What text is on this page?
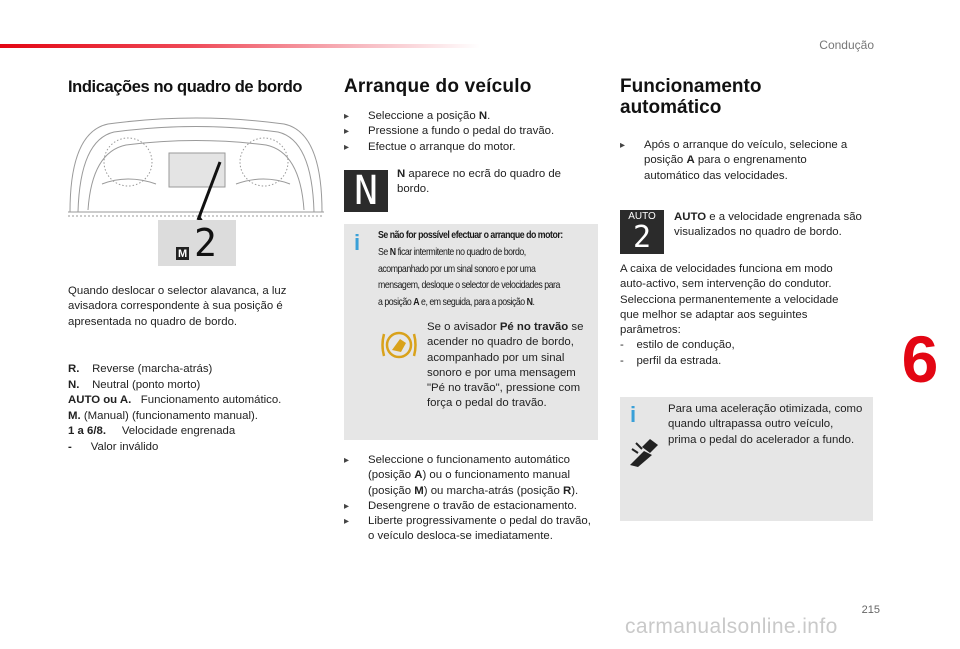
Condução
Indicações no quadro de bordo
M 2
Quando deslocar o selector alavanca, a luz avisadora correspondente à sua posição é apresentada no quadro de bordo.
R. Reverse (marcha-atrás)
N. Neutral (ponto morto)
AUTO ou A. Funcionamento automático.
M. (Manual) (funcionamento manual).
1 a 6/8. Velocidade engrenada
- Valor inválido
Arranque do veículo
▸ Seleccione a posição N.
▸ Pressione a fundo o pedal do travão.
▸ Efectue o arranque do motor.
N	N aparece no ecrã do quadro de bordo.
i Se não for possível efectuar o arranque do motor:
Se N ficar intermitente no quadro de bordo,
acompanhado por um sinal sonoro e por uma
mensagem, desloque o selector de velocidades para
a posição A e, em seguida, para a posição N.
Se o avisador Pé no travão se acender no quadro de bordo, acompanhado por um sinal sonoro e por uma mensagem "Pé no travão", pressione com força o pedal do travão.
▸ Seleccione o funcionamento automático (posição A) ou o funcionamento manual (posição M) ou marcha-atrás (posição R).
▸ Desengrene o travão de estacionamento.
▸ Liberte progressivamente o pedal do travão, o veículo desloca-se imediatamente.
Funcionamento automático
▸ Após o arranque do veículo, selecione a posição A para o engrenamento automático das velocidades.
AUTO
2
AUTO e a velocidade engrenada são visualizados no quadro de bordo.
A caixa de velocidades funciona em modo auto-activo, sem intervenção do condutor. Selecciona permanentemente a velocidade que melhor se adaptar aos seguintes parâmetros:
-    estilo de condução,
-    perfil da estrada.
i	Para uma aceleração otimizada, como quando ultrapassa outro veículo, prima o pedal do acelerador a fundo.
6
215
carmanualsonline.info
